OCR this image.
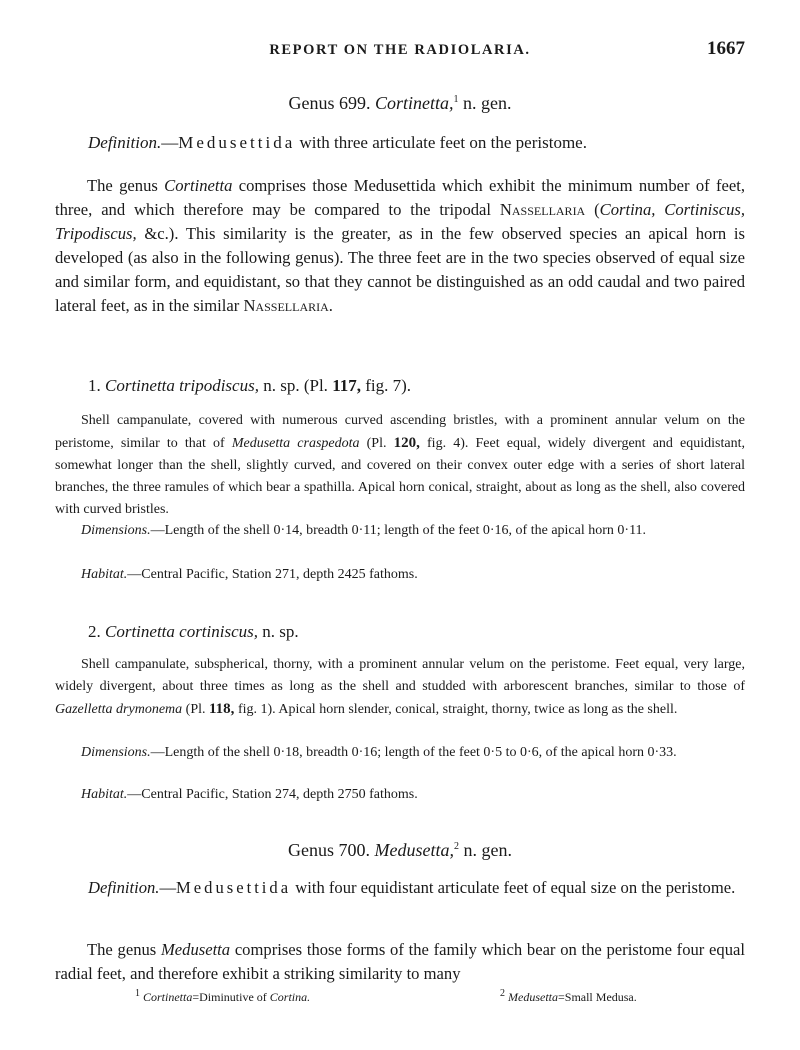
REPORT ON THE RADIOLARIA.	1667
Genus 699. Cortinetta,$^1$ n. gen.

Definition.—Medusettida with three articulate feet on the peristome.

The genus Cortinetta comprises those Medusettida which exhibit the minimum number of feet, three, and which therefore may be compared to the tripodal Nassellaria (Cortina, Cortiniscus, Tripodiscus, &c.). This similarity is the greater, as in the few observed species an apical horn is developed (as also in the following genus). The three feet are in the two species observed of equal size and similar form, and equidistant, so that they cannot be distinguished as an odd caudal and two paired lateral feet, as in the similar Nassellaria.

1. Cortinetta tripodiscus, n. sp. (Pl. 117, fig. 7).

Shell campanulate, covered with numerous curved ascending bristles, with a prominent annular velum on the peristome, similar to that of Medusetta craspedota (Pl. 120, fig. 4). Feet equal, widely divergent and equidistant, somewhat longer than the shell, slightly curved, and covered on their convex outer edge with a series of short lateral branches, the three ramules of which bear a spathilla. Apical horn conical, straight, about as long as the shell, also covered with curved bristles.

Dimensions.—Length of the shell 0·14, breadth 0·11; length of the feet 0·16, of the apical horn 0·11.

Habitat.—Central Pacific, Station 271, depth 2425 fathoms.

2. Cortinetta cortiniscus, n. sp.

Shell campanulate, subspherical, thorny, with a prominent annular velum on the peristome. Feet equal, very large, widely divergent, about three times as long as the shell and studded with arborescent branches, similar to those of Gazelletta drymonema (Pl. 118, fig. 1). Apical horn slender, conical, straight, thorny, twice as long as the shell.

Dimensions.—Length of the shell 0·18, breadth 0·16; length of the feet 0·5 to 0·6, of the apical horn 0·33.

Habitat.—Central Pacific, Station 274, depth 2750 fathoms.

Genus 700. Medusetta,$^2$ n. gen.

Definition.—Medusettida with four equidistant articulate feet of equal size on the peristome.

The genus Medusetta comprises those forms of the family which bear on the peristome four equal radial feet, and therefore exhibit a striking similarity to many

$^1$ Cortinetta=Diminutive of Cortina.	$^2$ Medusetta=Small Medusa.
